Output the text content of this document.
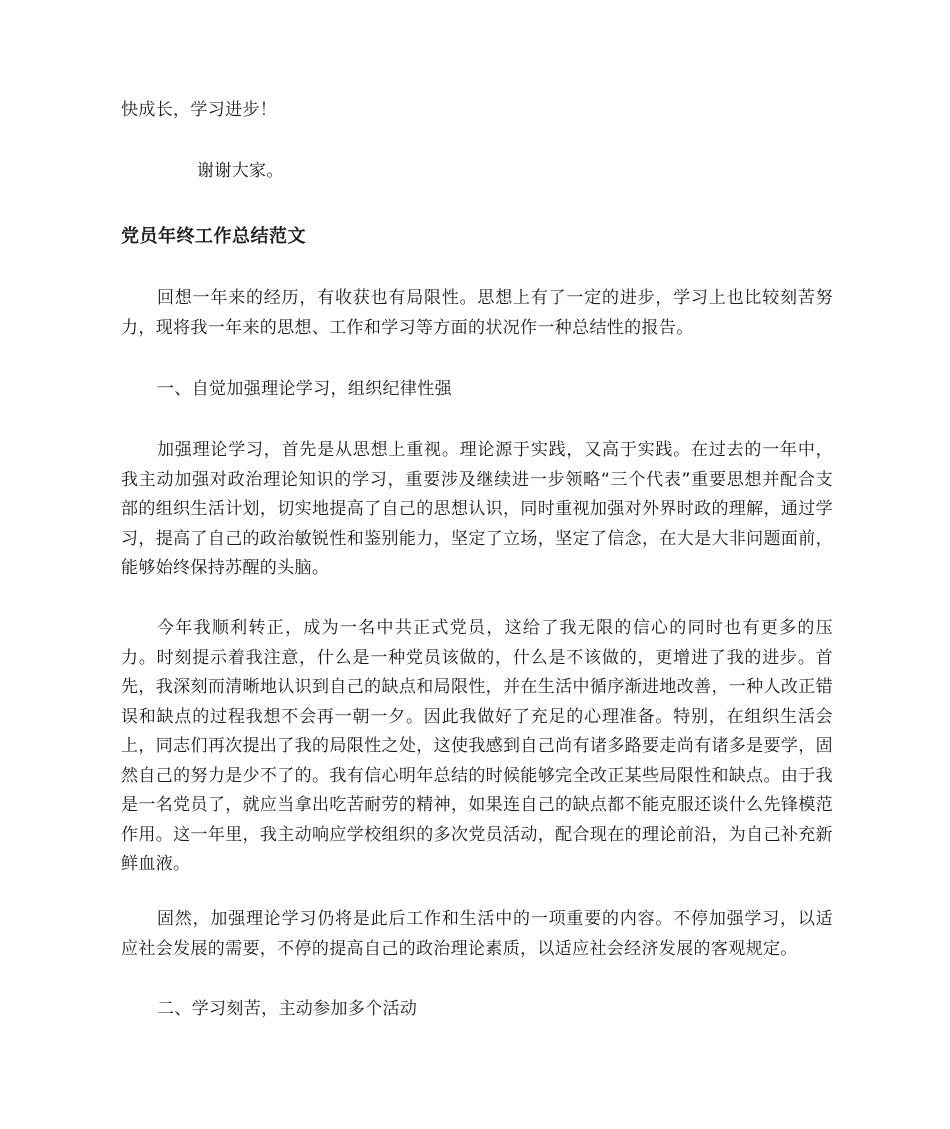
快成长，学习进步！
谢谢大家。
党员年终工作总结范文

回想一年来的经历，有收获也有局限性。思想上有了一定的进步，学习上也比较刻苦努力，现将我一年来的思想、工作和学习等方面的状况作一种总结性的报告。

一、自觉加强理论学习，组织纪律性强

加强理论学习，首先是从思想上重视。理论源于实践，又高于实践。在过去的一年中，我主动加强对政治理论知识的学习，重要涉及继续进一步领略“三个代表”重要思想并配合支部的组织生活计划，切实地提高了自己的思想认识，同时重视加强对外界时政的理解，通过学习，提高了自己的政治敏锐性和鉴别能力，坚定了立场，坚定了信念，在大是大非问题面前，能够始终保持苏醒的头脑。

今年我顺利转正，成为一名中共正式党员，这给了我无限的信心的同时也有更多的压力。时刻提示着我注意，什么是一种党员该做的，什么是不该做的，更增进了我的进步。首先，我深刻而清晰地认识到自己的缺点和局限性，并在生活中循序渐进地改善，一种人改正错误和缺点的过程我想不会再一朝一夕。因此我做好了充足的心理准备。特别，在组织生活会上，同志们再次提出了我的局限性之处，这使我感到自己尚有诸多路要走尚有诸多是要学，固然自己的努力是少不了的。我有信心明年总结的时候能够完全改正某些局限性和缺点。由于我是一名党员了，就应当拿出吃苦耐劳的精神，如果连自己的缺点都不能克服还谈什么先锋模范作用。这一年里，我主动响应学校组织的多次党员活动，配合现在的理论前沿，为自己补充新鲜血液。

固然，加强理论学习仍将是此后工作和生活中的一项重要的内容。不停加强学习，以适应社会发展的需要，不停的提高自己的政治理论素质，以适应社会经济发展的客观规定。

二、学习刻苦，主动参加多个活动
